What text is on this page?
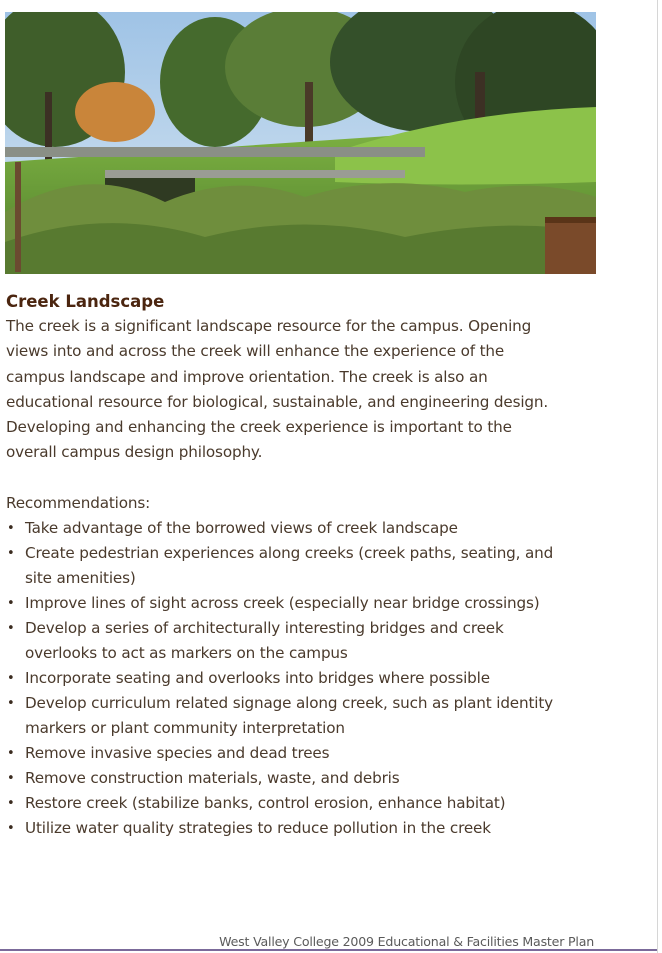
Creek Landscape

The creek is a significant landscape resource for the campus. Opening
views into and across the creek will enhance the experience of the
campus landscape and improve orientation. The creek is also an
educational resource for biological, sustainable, and engineering design.
Developing and enhancing the creek experience is important to the
overall campus design philosophy.

Recommendations:

• Take advantage of the borrowed views of creek landscape
• Create pedestrian experiences along creeks (creek paths, seating, and
site amenities)
• Improve lines of sight across creek (especially near bridge crossings)
• Develop a series of architecturally interesting bridges and creek
overlooks to act as markers on the campus
• Incorporate seating and overlooks into bridges where possible
• Develop curriculum related signage along creek, such as plant identity
markers or plant community interpretation
• Remove invasive species and dead trees
• Remove construction materials, waste, and debris
• Restore creek (stabilize banks, control erosion, enhance habitat)
• Utilize water quality strategies to reduce pollution in the creek
West Valley College 2009 Educational & Facilities Master Plan
